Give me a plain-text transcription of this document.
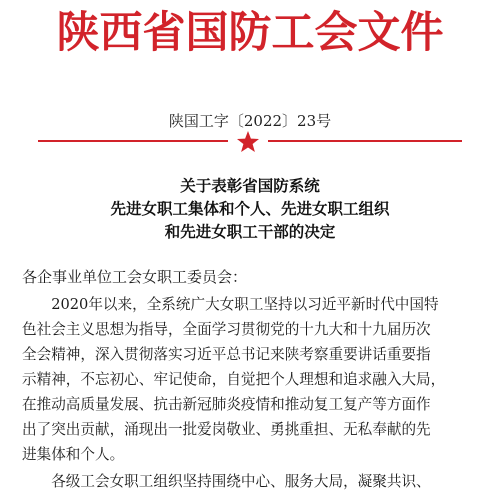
陕西省国防工会文件
陕国工字〔2022〕23号
关于表彰省国防系统
先进女职工集体和个人、先进女职工组织
和先进女职工干部的决定
各企事业单位工会女职工委员会：
　　2020年以来，全系统广大女职工坚持以习近平新时代中国特
色社会主义思想为指导，全面学习贯彻党的十九大和十九届历次
全会精神，深入贯彻落实习近平总书记来陕考察重要讲话重要指
示精神，不忘初心、牢记使命，自觉把个人理想和追求融入大局，
在推动高质量发展、抗击新冠肺炎疫情和推动复工复产等方面作
出了突出贡献，涌现出一批爱岗敬业、勇挑重担、无私奉献的先
进集体和个人。
　　各级工会女职工组织坚持围绕中心、服务大局，凝聚共识、
